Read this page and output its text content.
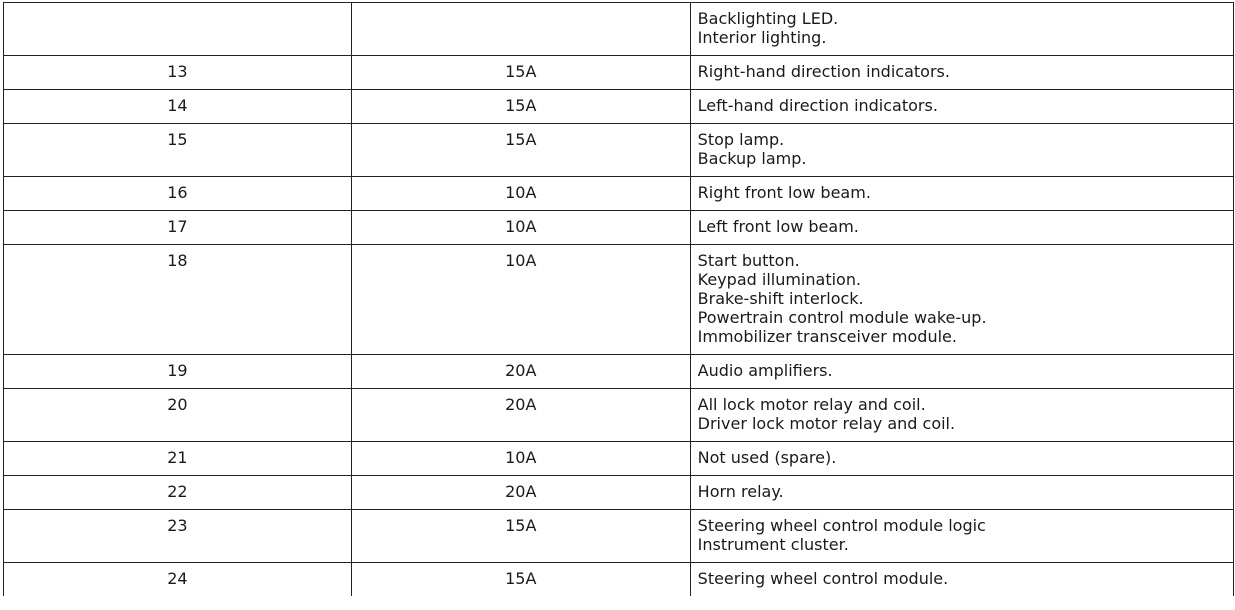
		Backlighting LED.
Interior lighting.

13	15A	Right-hand direction indicators.

14	15A	Left-hand direction indicators.

15	15A	Stop lamp.
Backup lamp.

16	10A	Right front low beam.

17	10A	Left front low beam.

18	10A	Start button.
Keypad illumination.
Brake-shift interlock.
Powertrain control module wake-up.
Immobilizer transceiver module.

19	20A	Audio amplifiers.

20	20A	All lock motor relay and coil.
Driver lock motor relay and coil.

21	10A	Not used (spare).

22	20A	Horn relay.

23	15A	Steering wheel control module logic
Instrument cluster.

24	15A	Steering wheel control module.
